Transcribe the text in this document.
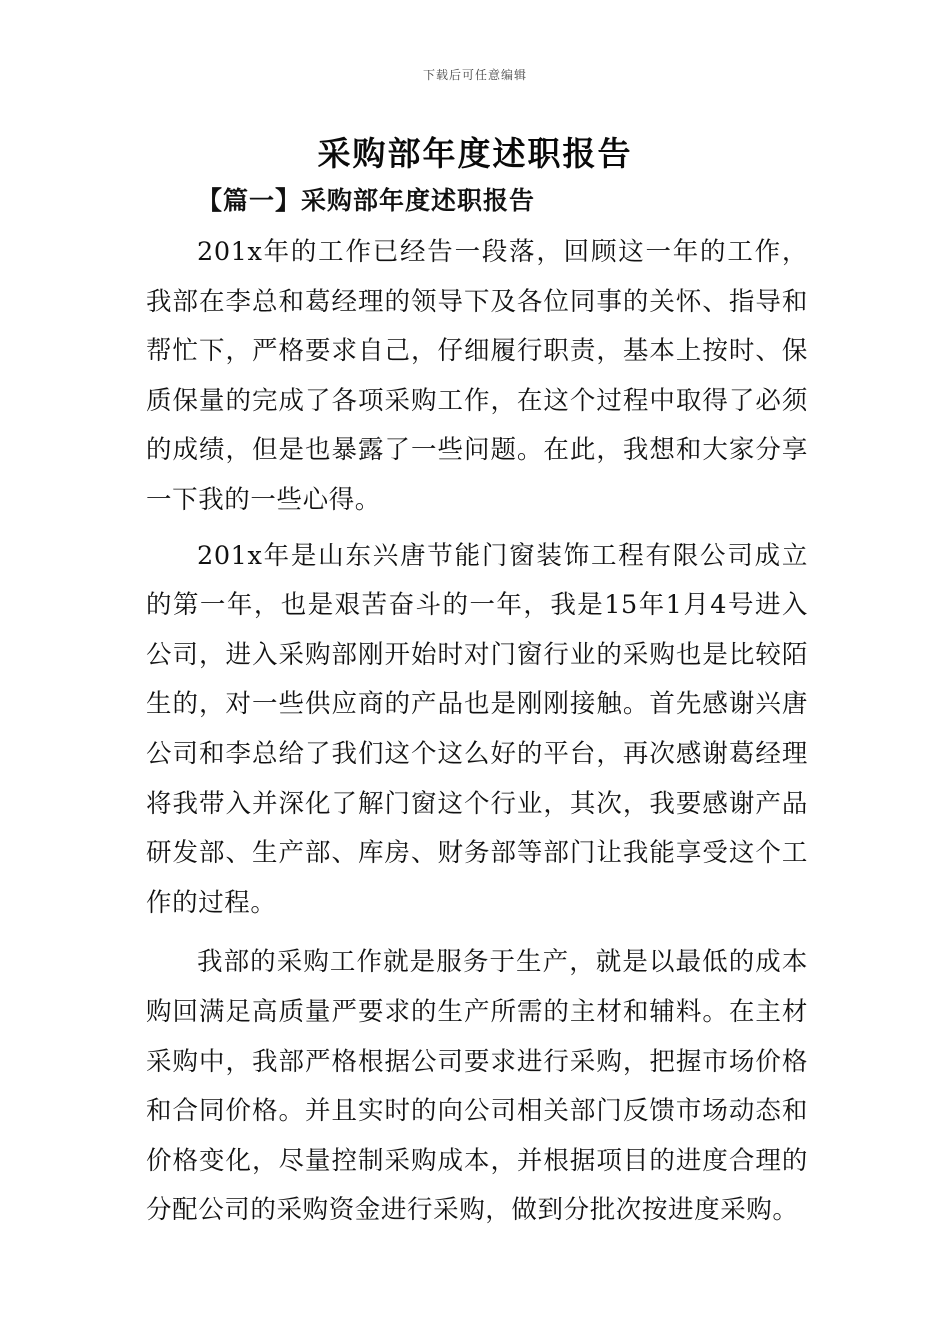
下载后可任意编辑
采购部年度述职报告
【篇一】采购部年度述职报告

201x年的工作已经告一段落，回顾这一年的工作，我部在李总和葛经理的领导下及各位同事的关怀、指导和帮忙下，严格要求自己，仔细履行职责，基本上按时、保质保量的完成了各项采购工作，在这个过程中取得了必须的成绩，但是也暴露了一些问题。在此，我想和大家分享一下我的一些心得。

201x年是山东兴唐节能门窗装饰工程有限公司成立的第一年，也是艰苦奋斗的一年，我是15年1月4号进入公司，进入采购部刚开始时对门窗行业的采购也是比较陌生的，对一些供应商的产品也是刚刚接触。首先感谢兴唐公司和李总给了我们这个这么好的平台，再次感谢葛经理将我带入并深化了解门窗这个行业，其次，我要感谢产品研发部、生产部、库房、财务部等部门让我能享受这个工作的过程。

我部的采购工作就是服务于生产，就是以最低的成本购回满足高质量严要求的生产所需的主材和辅料。在主材采购中，我部严格根据公司要求进行采购，把握市场价格和合同价格。并且实时的向公司相关部门反馈市场动态和价格变化，尽量控制采购成本，并根据项目的进度合理的分配公司的采购资金进行采购，做到分批次按进度采购。
